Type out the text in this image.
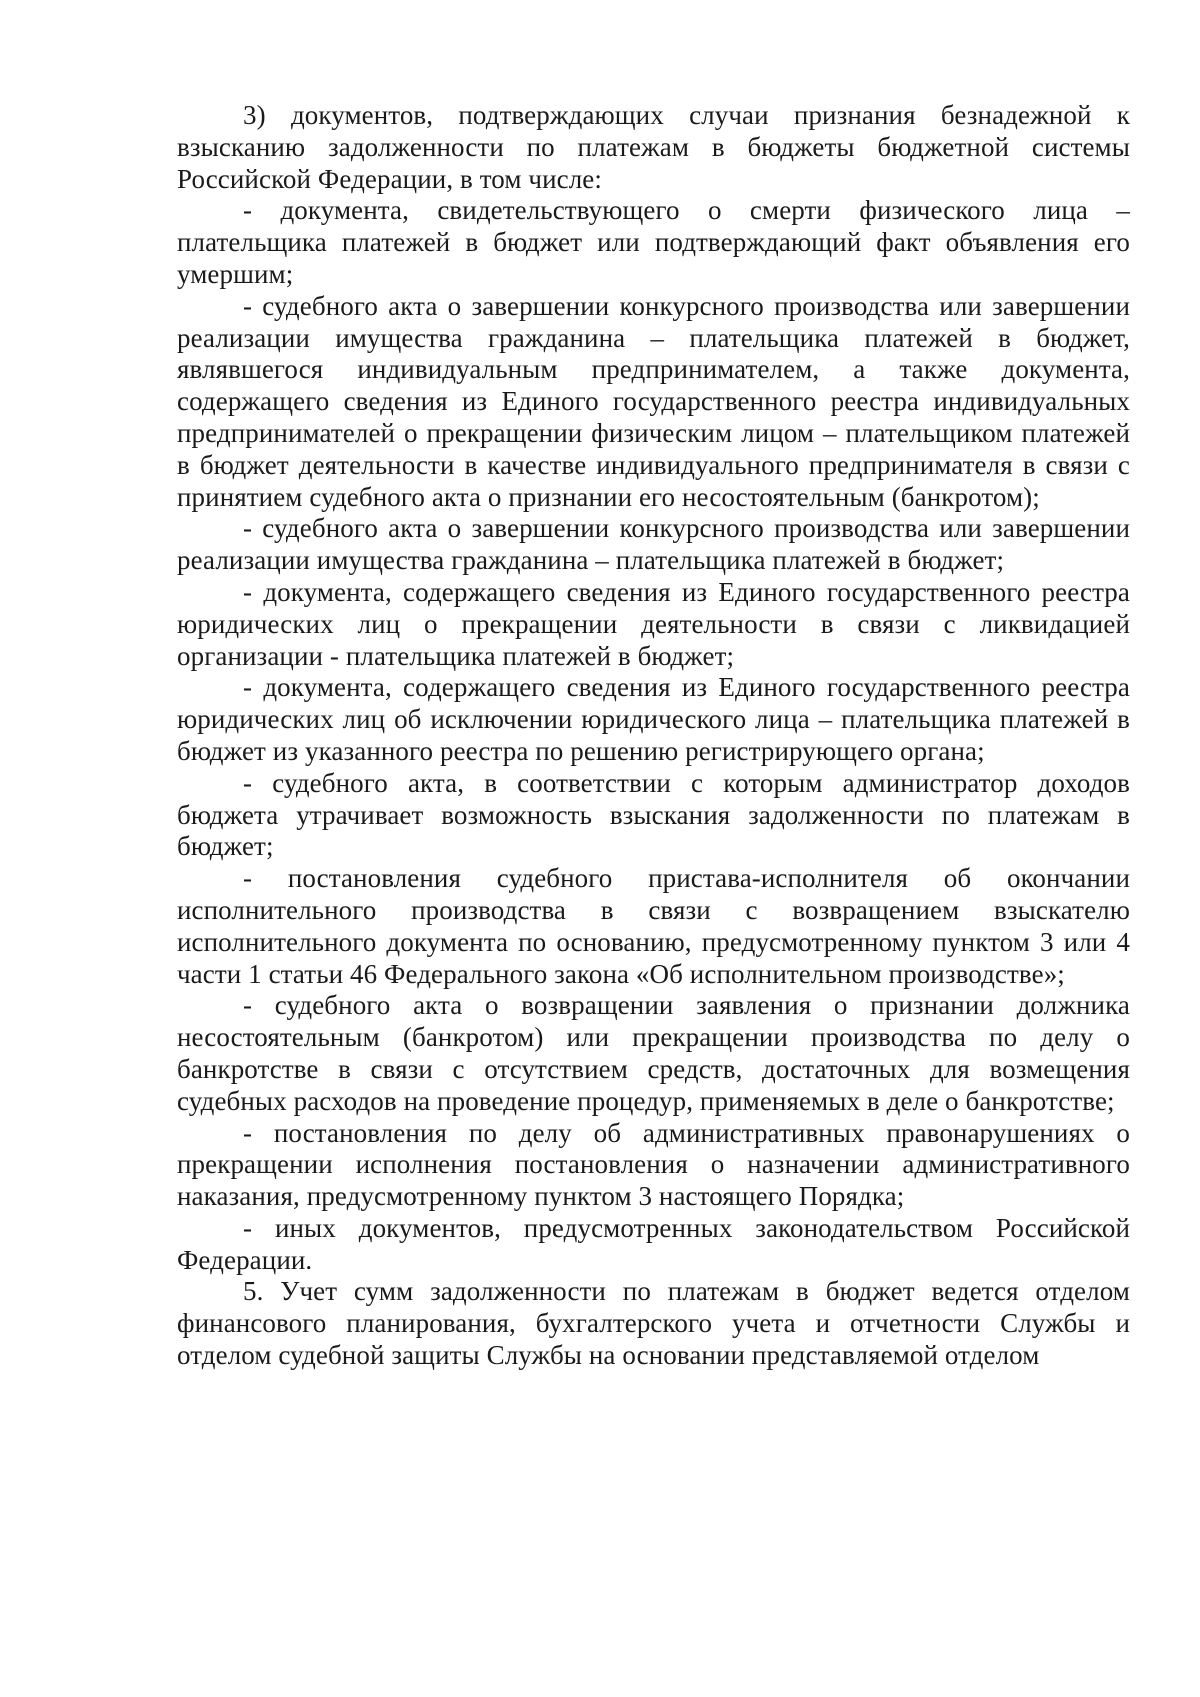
3) документов, подтверждающих случаи признания безнадежной к взысканию задолженности по платежам в бюджеты бюджетной системы Российской Федерации, в том числе:

- документа, свидетельствующего о смерти физического лица – плательщика платежей в бюджет или подтверждающий факт объявления его умершим;

- судебного акта о завершении конкурсного производства или завершении реализации имущества гражданина – плательщика платежей в бюджет, являвшегося индивидуальным предпринимателем, а также документа, содержащего сведения из Единого государственного реестра индивидуальных предпринимателей о прекращении физическим лицом – плательщиком платежей в бюджет деятельности в качестве индивидуального предпринимателя в связи с принятием судебного акта о признании его несостоятельным (банкротом);

- судебного акта о завершении конкурсного производства или завершении реализации имущества гражданина – плательщика платежей в бюджет;

- документа, содержащего сведения из Единого государственного реестра юридических лиц о прекращении деятельности в связи с ликвидацией организации - плательщика платежей в бюджет;

- документа, содержащего сведения из Единого государственного реестра юридических лиц об исключении юридического лица – плательщика платежей в бюджет из указанного реестра по решению регистрирующего органа;

- судебного акта, в соответствии с которым администратор доходов бюджета утрачивает возможность взыскания задолженности по платежам в бюджет;

- постановления судебного пристава-исполнителя об окончании исполнительного производства в связи с возвращением взыскателю исполнительного документа по основанию, предусмотренному пунктом 3 или 4 части 1 статьи 46 Федерального закона «Об исполнительном производстве»;

- судебного акта о возвращении заявления о признании должника несостоятельным (банкротом) или прекращении производства по делу о банкротстве в связи с отсутствием средств, достаточных для возмещения судебных расходов на проведение процедур, применяемых в деле о банкротстве;

- постановления по делу об административных правонарушениях о прекращении исполнения постановления о назначении административного наказания, предусмотренному пунктом 3 настоящего Порядка;

- иных документов, предусмотренных законодательством Российской Федерации.

5. Учет сумм задолженности по платежам в бюджет ведется отделом финансового планирования, бухгалтерского учета и отчетности Службы и отделом судебной защиты Службы на основании представляемой отделом
